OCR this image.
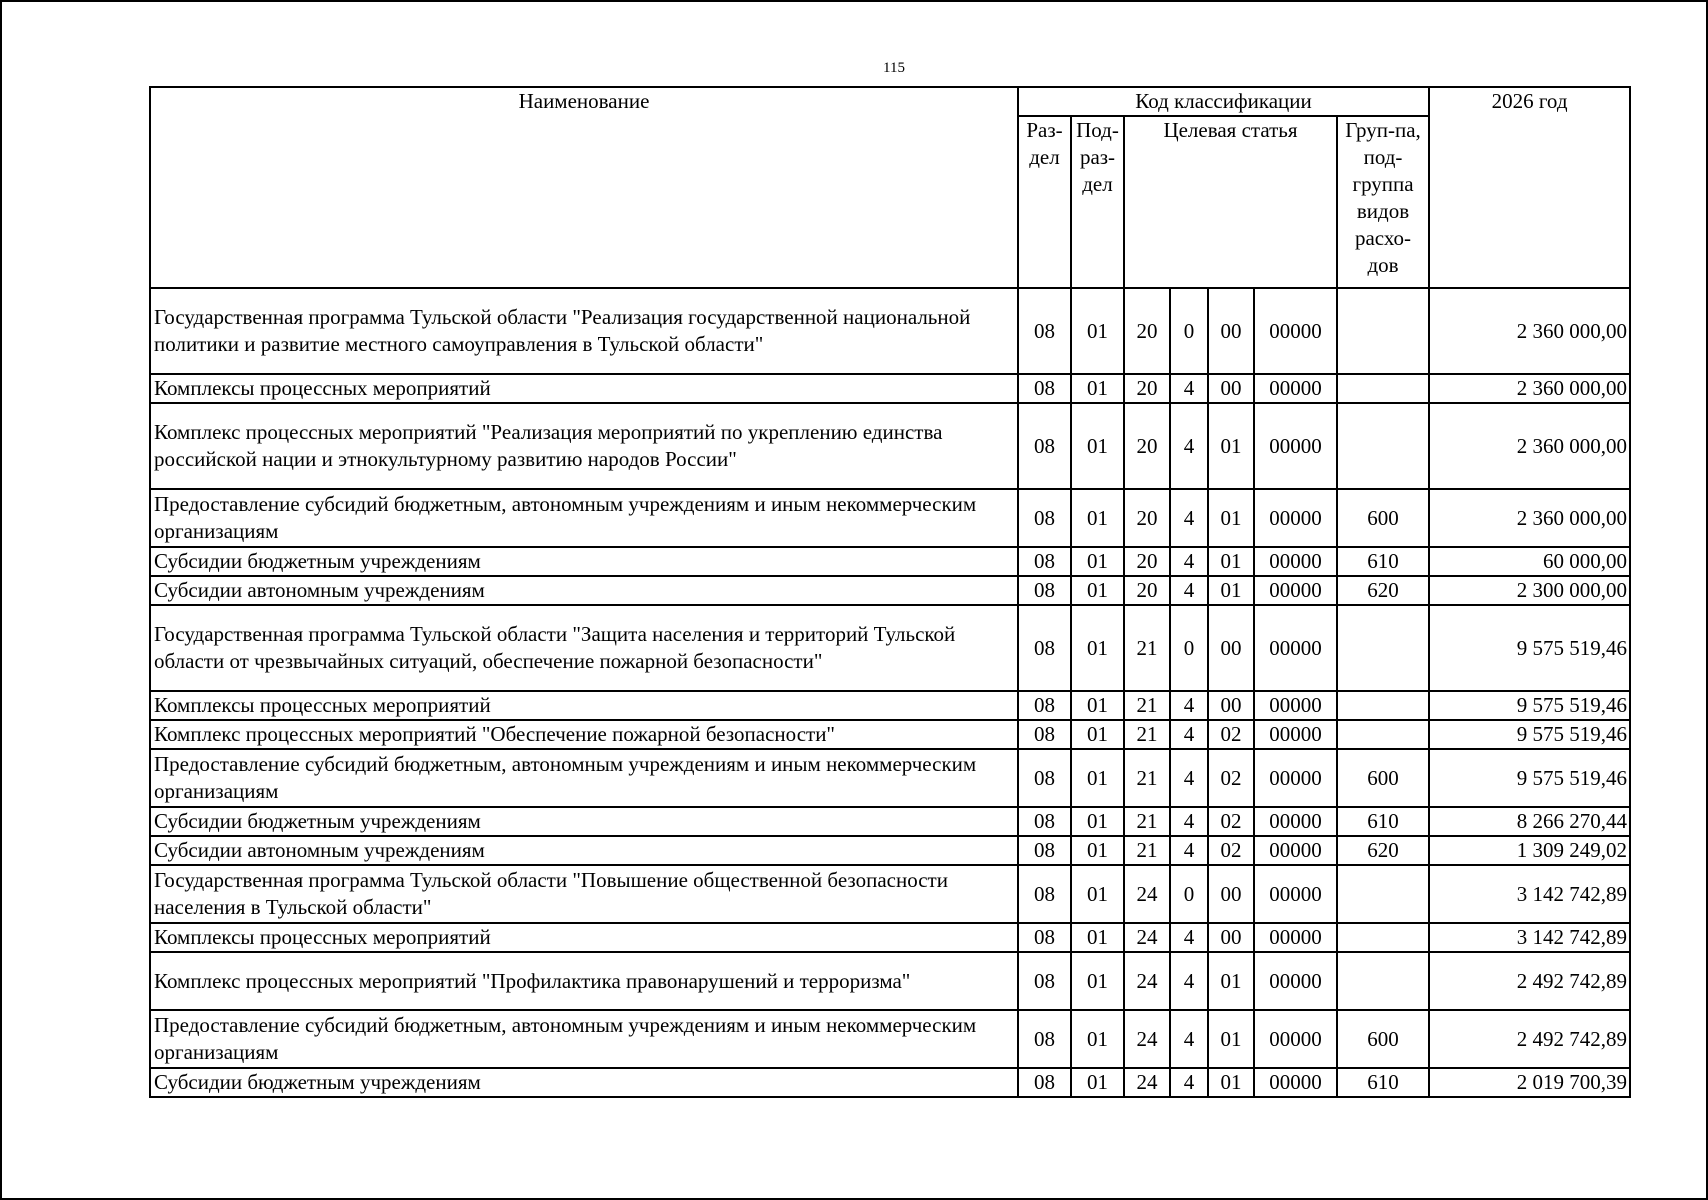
115
Наименование	Код классификации							2026 год
	Раз-дел	Под-раз-дел	Целевая статья				Груп-па, под-группа видов расхо-дов	
Государственная программа Тульской области "Реализация государственной национальной политики и развитие местного самоуправления в Тульской области"	08	01	20	0	00	00000		2 360 000,00
Комплексы процессных мероприятий	08	01	20	4	00	00000		2 360 000,00
Комплекс процессных мероприятий "Реализация мероприятий по укреплению единства российской нации и этнокультурному развитию народов России"	08	01	20	4	01	00000		2 360 000,00
Предоставление субсидий бюджетным, автономным учреждениям и иным некоммерческим организациям	08	01	20	4	01	00000	600	2 360 000,00
Субсидии бюджетным учреждениям	08	01	20	4	01	00000	610	60 000,00
Субсидии автономным учреждениям	08	01	20	4	01	00000	620	2 300 000,00
Государственная программа Тульской области "Защита населения и территорий Тульской области от чрезвычайных ситуаций, обеспечение пожарной безопасности"	08	01	21	0	00	00000		9 575 519,46
Комплексы процессных мероприятий	08	01	21	4	00	00000		9 575 519,46
Комплекс процессных мероприятий "Обеспечение пожарной безопасности"	08	01	21	4	02	00000		9 575 519,46
Предоставление субсидий бюджетным, автономным учреждениям и иным некоммерческим организациям	08	01	21	4	02	00000	600	9 575 519,46
Субсидии бюджетным учреждениям	08	01	21	4	02	00000	610	8 266 270,44
Субсидии автономным учреждениям	08	01	21	4	02	00000	620	1 309 249,02
Государственная программа Тульской области "Повышение общественной безопасности населения в Тульской области"	08	01	24	0	00	00000		3 142 742,89
Комплексы процессных мероприятий	08	01	24	4	00	00000		3 142 742,89
Комплекс процессных мероприятий "Профилактика правонарушений и терроризма"	08	01	24	4	01	00000		2 492 742,89
Предоставление субсидий бюджетным, автономным учреждениям и иным некоммерческим организациям	08	01	24	4	01	00000	600	2 492 742,89
Субсидии бюджетным учреждениям	08	01	24	4	01	00000	610	2 019 700,39
